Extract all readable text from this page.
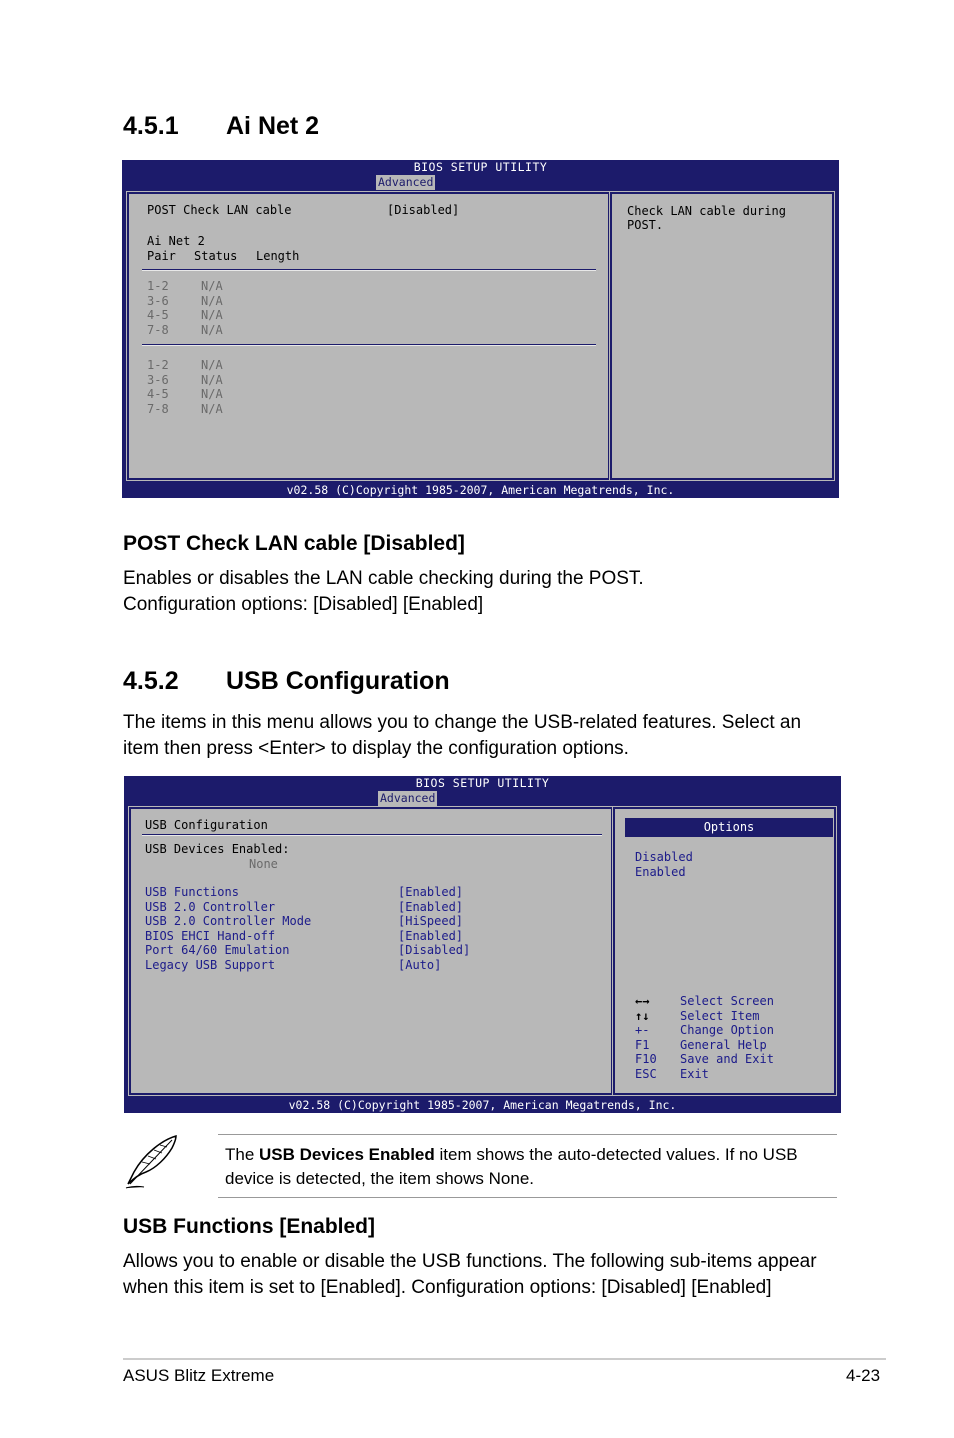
4.5.1 Ai Net 2
BIOS SETUP UTILITY
Advanced
POST Check LAN cable	[Disabled]
Ai Net 2
Pair Status Length
1-2	N/A
3-6	N/A
4-5	N/A
7-8	N/A
1-2	N/A
3-6	N/A
4-5	N/A
7-8	N/A
Check LAN cable during
POST.
v02.58 (C)Copyright 1985-2007, American Megatrends, Inc.
POST Check LAN cable [Disabled]
Enables or disables the LAN cable checking during the POST.
Configuration options: [Disabled] [Enabled]
4.5.2 USB Configuration
The items in this menu allows you to change the USB-related features. Select an
item then press <Enter> to display the configuration options.
BIOS SETUP UTILITY
Advanced
USB Configuration
USB Devices Enabled:
None
USB Functions	[Enabled]
USB 2.0 Controller	[Enabled]
USB 2.0 Controller Mode	[HiSpeed]
BIOS EHCI Hand-off	[Enabled]
Port 64/60 Emulation	[Disabled]
Legacy USB Support	[Auto]
Options
Disabled
Enabled
←→	Select Screen
↑↓	Select Item
+-	Change Option
F1	General Help
F10 Save and Exit
ESC Exit
v02.58 (C)Copyright 1985-2007, American Megatrends, Inc.
The USB Devices Enabled item shows the auto-detected values. If no USB
device is detected, the item shows None.
USB Functions [Enabled]
Allows you to enable or disable the USB functions. The following sub-items appear
when this item is set to [Enabled]. Configuration options: [Disabled] [Enabled]
ASUS Blitz Extreme	4-23
